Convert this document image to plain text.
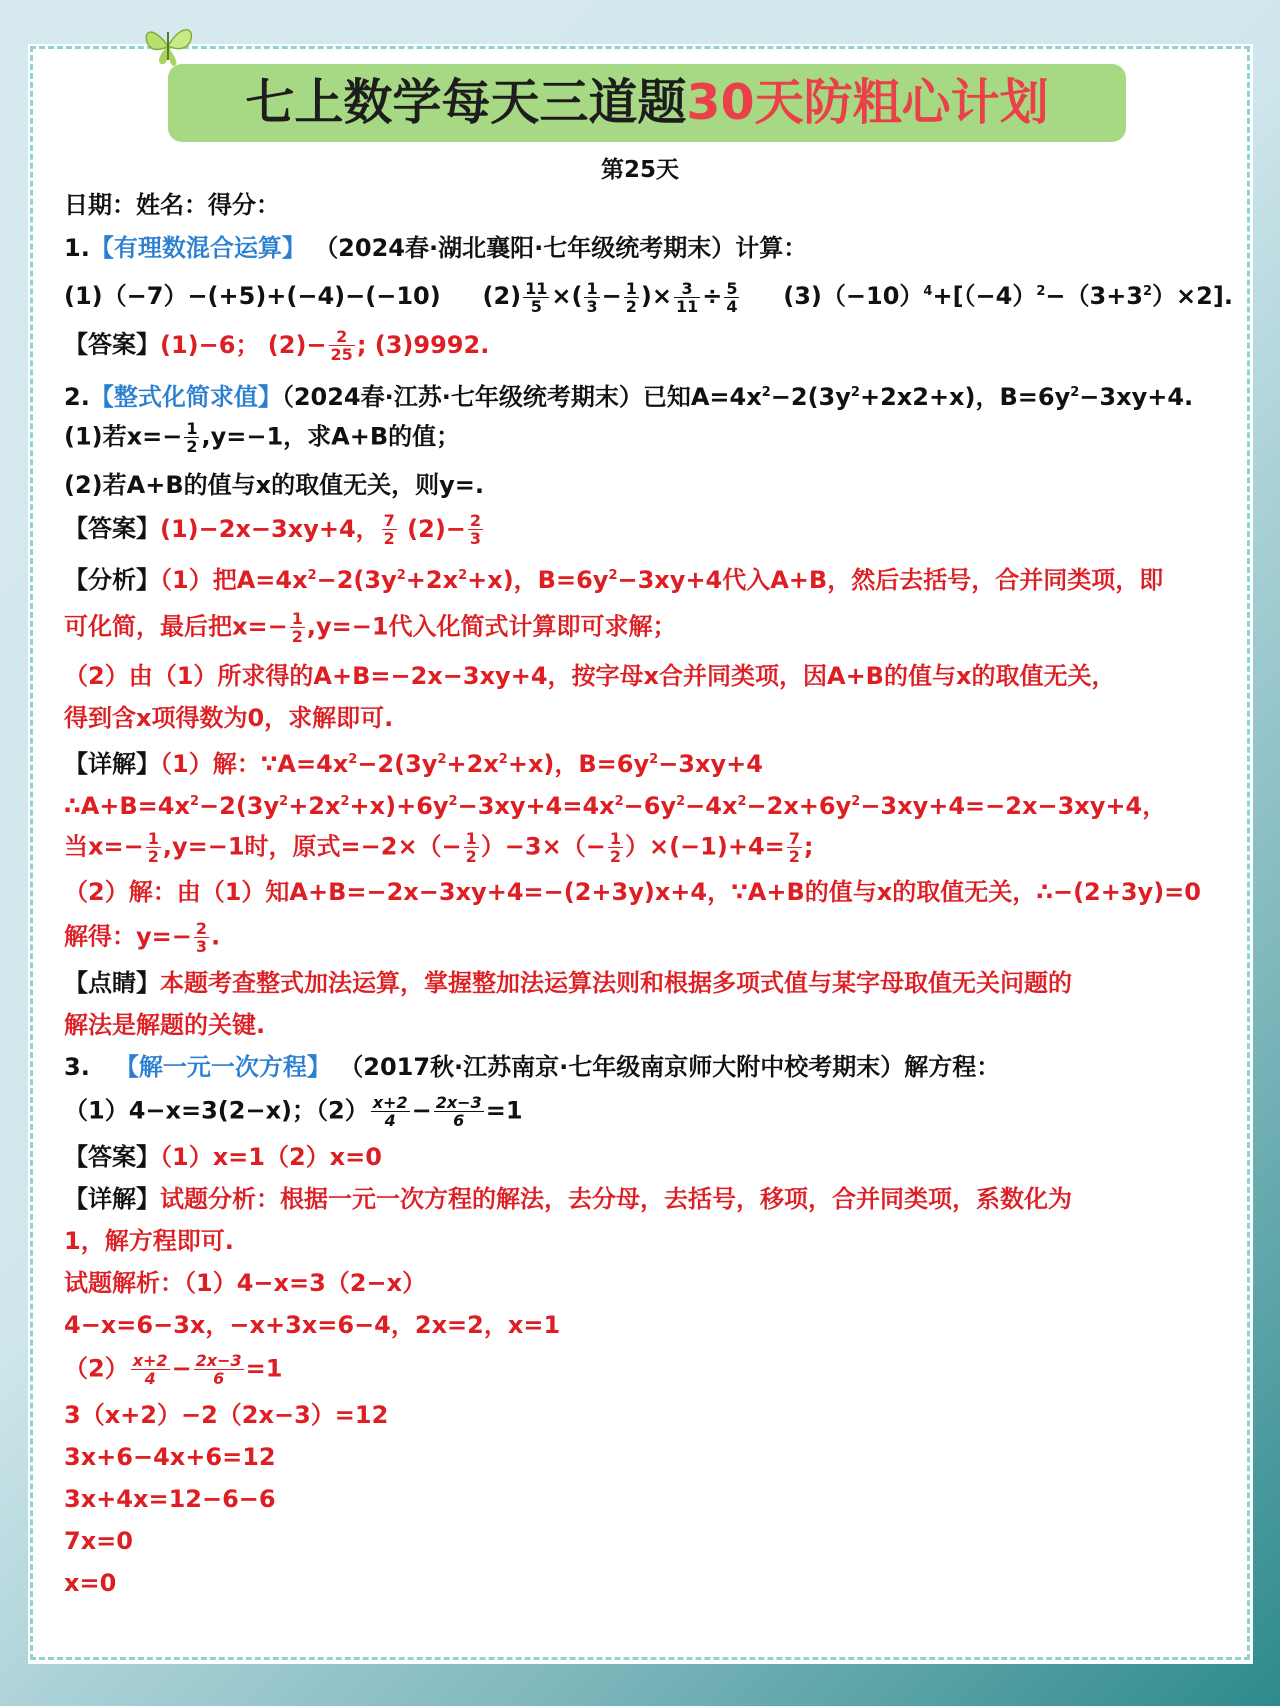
七上数学每天三道题30天防粗心计划
第25天
日期：姓名：得分：
1.【有理数混合运算】 （2024春·湖北襄阳·七年级统考期末）计算：
(1)（−7）−(+5)+(−4)−(−10) $(2) \frac{11}{5}$ ×( $\frac{1}{3} - \frac{1}{2}$ )× $\frac{3}{11} \div \frac{5}{4} (3)(-10)^4+[(-4)^2-(3+3^2)\times 2]$.
【答案】(1)−6； $(2)- \frac{2}{25}$ ; (3)9992.
2.【整式化简求值】（2024春·江苏·七年级统考期末）已知$A=4x^2-2(3y^2+2x2+x)$，$B=6y^2-3xy+4$.
(1)若$x=- \frac{1}{2} ,y=-1$，求A+B的值；
(2)若A+B的值与x的取值无关，则y=.
【答案】(1)−2x−3xy+4， $\frac{7}{2} (2)- \frac{2}{3}$
【分析】（1）把$A=4x^2-2(3y^2+2x^2+x)$，$B=6y^2-3xy+4$代入A+B，然后去括号，合并同类项，即
可化简，最后把$x=- \frac{1}{2} ,y=-1$代入化简式计算即可求解；
（2）由（1）所求得的A+B=−2x−3xy+4，按字母x合并同类项，因A+B的值与x的取值无关，
得到含x项得数为0，求解即可.
【详解】（1）解：$\because A=4x^2-2(3y^2+2x^2+x)$，$B=6y^2-3xy+4$
$\therefore A+B=4x^2-2(3y^2+2x^2+x)+6y^2-3xy+4=4x^2-6y^2-4x^2-2x+6y^2-3xy+4=-2x-3xy+4$，
当$x=- \frac{1}{2} ,y=-1$时，原式$=-2\times(- \frac{1}{2} )-3\times(- \frac{1}{2} )\times(-1)+4= \frac{7}{2}$ ;
（2）解：由（1）知A+B=−2x−3xy+4=−(2+3y)x+4，∵A+B的值与x的取值无关，∴−(2+3y)=0
解得：$y=- \frac{2}{3}$ .
【点睛】本题考查整式加法运算，掌握整加法运算法则和根据多项式值与某字母取值无关问题的
解法是解题的关键.
3. 【解一元一次方程】 （2017秋·江苏南京·七年级南京师大附中校考期末）解方程：
（1）4−x=3(2−x)；$(2) \frac{x+2}{4} - \frac{2x-3}{6} =1$
【答案】（1）x=1（2）x=0
【详解】试题分析：根据一元一次方程的解法，去分母，去括号，移项，合并同类项，系数化为
1，解方程即可.
试题解析：（1）4−x=3（2−x）
4−x=6−3x，−x+3x=6−4，2x=2，x=1
$(2) \frac{x+2}{4} - \frac{2x-3}{6} =1$
3（x+2）−2（2x−3）=12
3x+6−4x+6=12
3x+4x=12−6−6
7x=0
x=0
